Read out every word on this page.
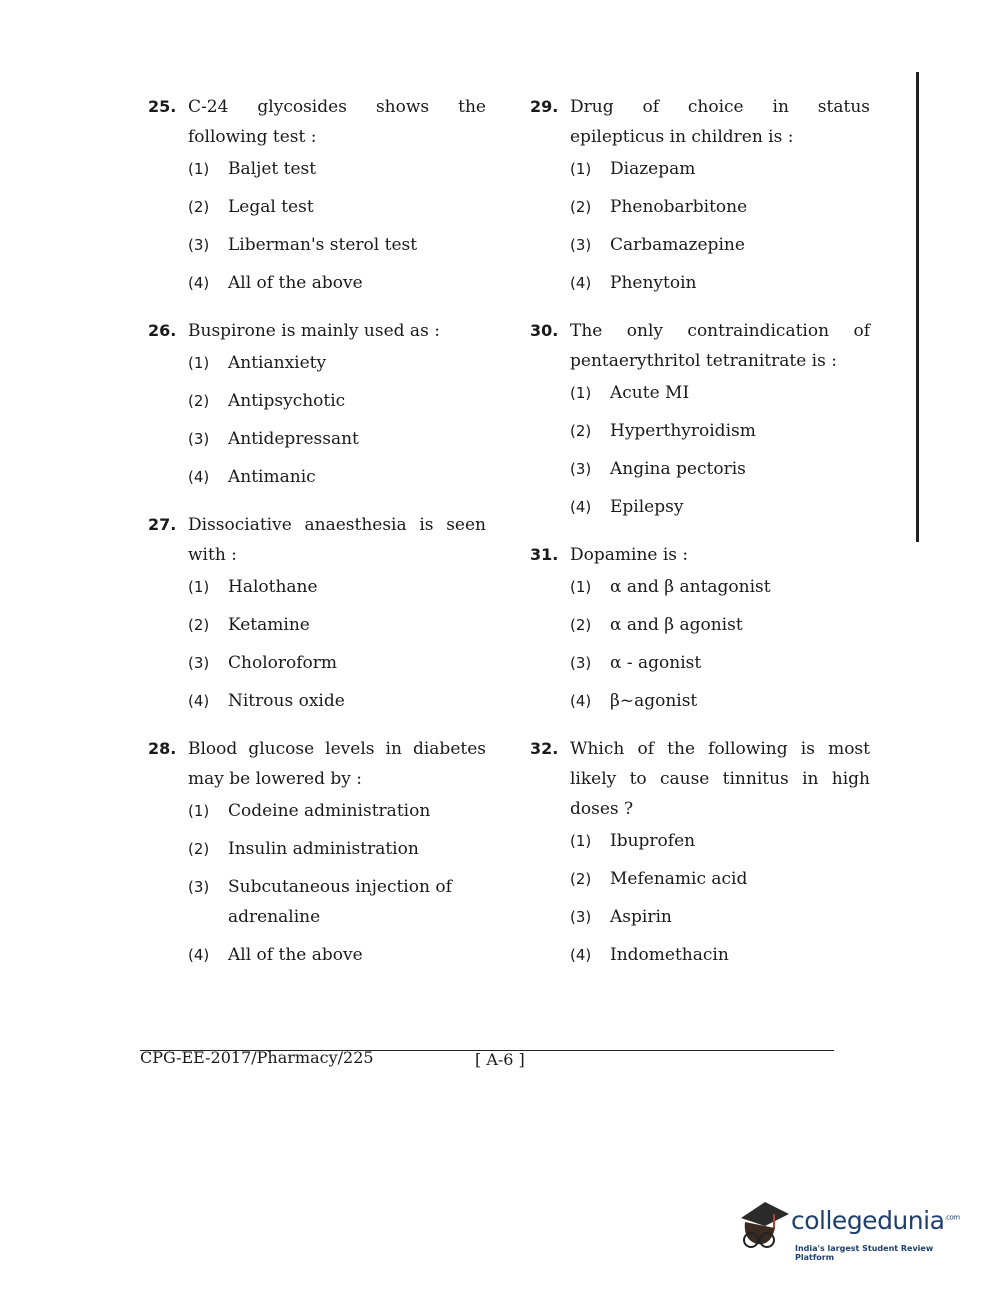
25. C-24 glycosides shows the following test :
(1)	Baljet test
(2)	Legal test
(3)	Liberman's sterol test
(4)	All of the above
26. Buspirone is mainly used as :
(1)	Antianxiety
(2)	Antipsychotic
(3)	Antidepressant
(4)	Antimanic
27. Dissociative anaesthesia is seen with :
(1)	Halothane
(2)	Ketamine
(3)	Choloroform
(4)	Nitrous oxide
28. Blood glucose levels in diabetes may be lowered by :
(1)	Codeine administration
(2)	Insulin administration
(3)	Subcutaneous injection of adrenaline
(4)	All of the above
29. Drug of choice in status epilepticus in children is :
(1)	Diazepam
(2)	Phenobarbitone
(3)	Carbamazepine
(4)	Phenytoin
30. The only contraindication of pentaerythritol tetranitrate is :
(1)	Acute MI
(2)	Hyperthyroidism
(3)	Angina pectoris
(4)	Epilepsy
31. Dopamine is :
(1)	α and β antagonist
(2)	α and β agonist
(3)	α - agonist
(4)	β~agonist
32. Which of the following is most likely to cause tinnitus in high doses ?
(1)	Ibuprofen
(2)	Mefenamic acid
(3)	Aspirin
(4)	Indomethacin
CPG-EE-2017/Pharmacy/225	[ A-6 ]
collegedunia$^{.com}$
India's largest Student Review Platform
